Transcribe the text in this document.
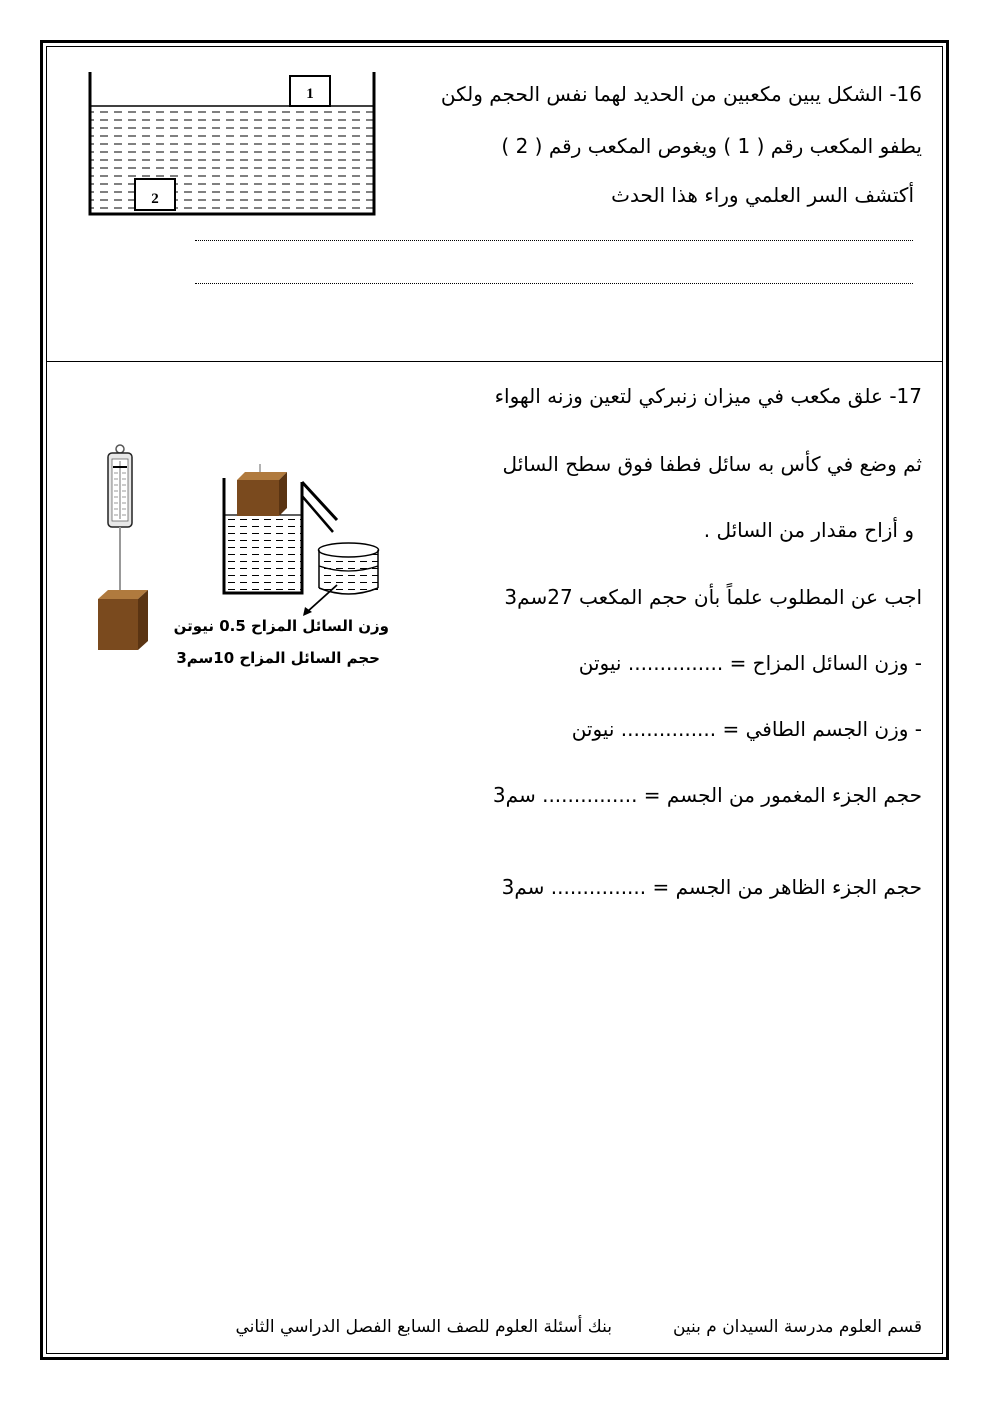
16- الشكل يبين مكعبين من الحديد لهما نفس الحجم ولكن
يطفو المكعب رقم ( 1 ) ويغوص المكعب رقم ( 2 )
أكتشف السر العلمي وراء هذا الحدث
1
2
17- علق مكعب في ميزان زنبركي لتعين وزنه الهواء
ثم وضع في كأس به سائل فطفا فوق سطح السائل
و أزاح مقدار من السائل .
اجب عن المطلوب علماً بأن حجم المكعب 27سم3
- وزن السائل المزاح = ............... نيوتن
- وزن الجسم الطافي = ............... نيوتن
حجم الجزء المغمور من الجسم = ............... سم3
حجم الجزء الظاهر من الجسم = ............... سم3
وزن السائل المزاح 0.5 نيوتن
حجم السائل المزاح 10سم3
قسم العلوم مدرسة السيدان م بنين
بنك أسئلة العلوم للصف السابع الفصل الدراسي الثاني
